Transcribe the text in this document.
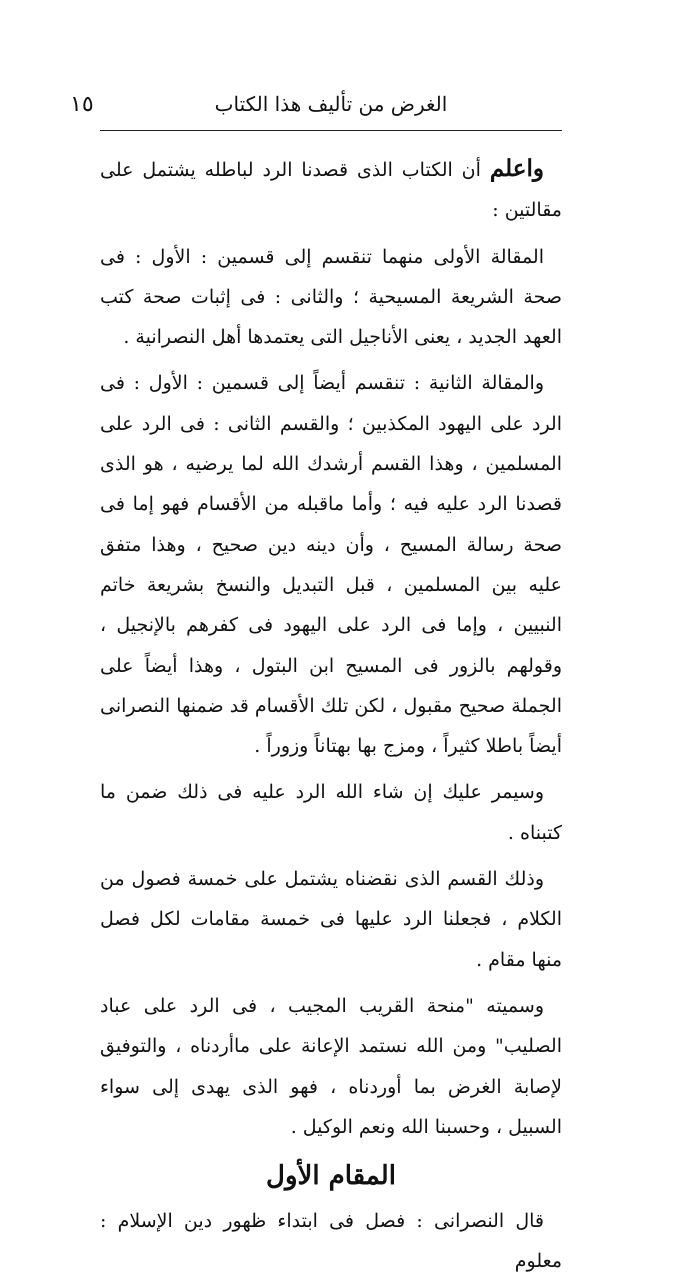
الغرض من تأليف هذا الكتاب
١٥

واعلم أن الكتاب الذى قصدنا الرد لباطله يشتمل على مقالتين :

المقالة الأولى منهما تنقسم إلى قسمين : الأول : فى صحة الشريعة المسيحية ؛ والثانى : فى إثبات صحة كتب العهد الجديد ، يعنى الأناجيل التى يعتمدها أهل النصرانية .

والمقالة الثانية : تنقسم أيضاً إلى قسمين : الأول : فى الرد على اليهود المكذبين ؛ والقسم الثانى : فى الرد على المسلمين ، وهذا القسم أرشدك الله لما يرضيه ، هو الذى قصدنا الرد عليه فيه ؛ وأما ماقبله من الأقسام فهو إما فى صحة رسالة المسيح ، وأن دينه دين صحيح ، وهذا متفق عليه بين المسلمين ، قبل التبديل والنسخ بشريعة خاتم النبيين ، وإما فى الرد على اليهود فى كفرهم بالإنجيل ، وقولهم بالزور فى المسيح ابن البتول ، وهذا أيضاً على الجملة صحيح مقبول ، لكن تلك الأقسام قد ضمنها النصرانى أيضاً باطلا كثيراً ، ومزج بها بهتاناً وزوراً .

وسيمر عليك إن شاء الله الرد عليه فى ذلك ضمن ما كتبناه .

وذلك القسم الذى نقضناه يشتمل على خمسة فصول من الكلام ، فجعلنا الرد عليها فى خمسة مقامات لكل فصل منها مقام .

وسميته "منحة القريب المجيب ، فى الرد على عباد الصليب" ومن الله نستمد الإعانة على ماأردناه ، والتوفيق لإصابة الغرض بما أوردناه ، فهو الذى يهدى إلى سواء السبيل ، وحسبنا الله ونعم الوكيل .

المقام الأول

قال النصرانى : فصل فى ابتداء ظهور دين الإسلام : معلوم
